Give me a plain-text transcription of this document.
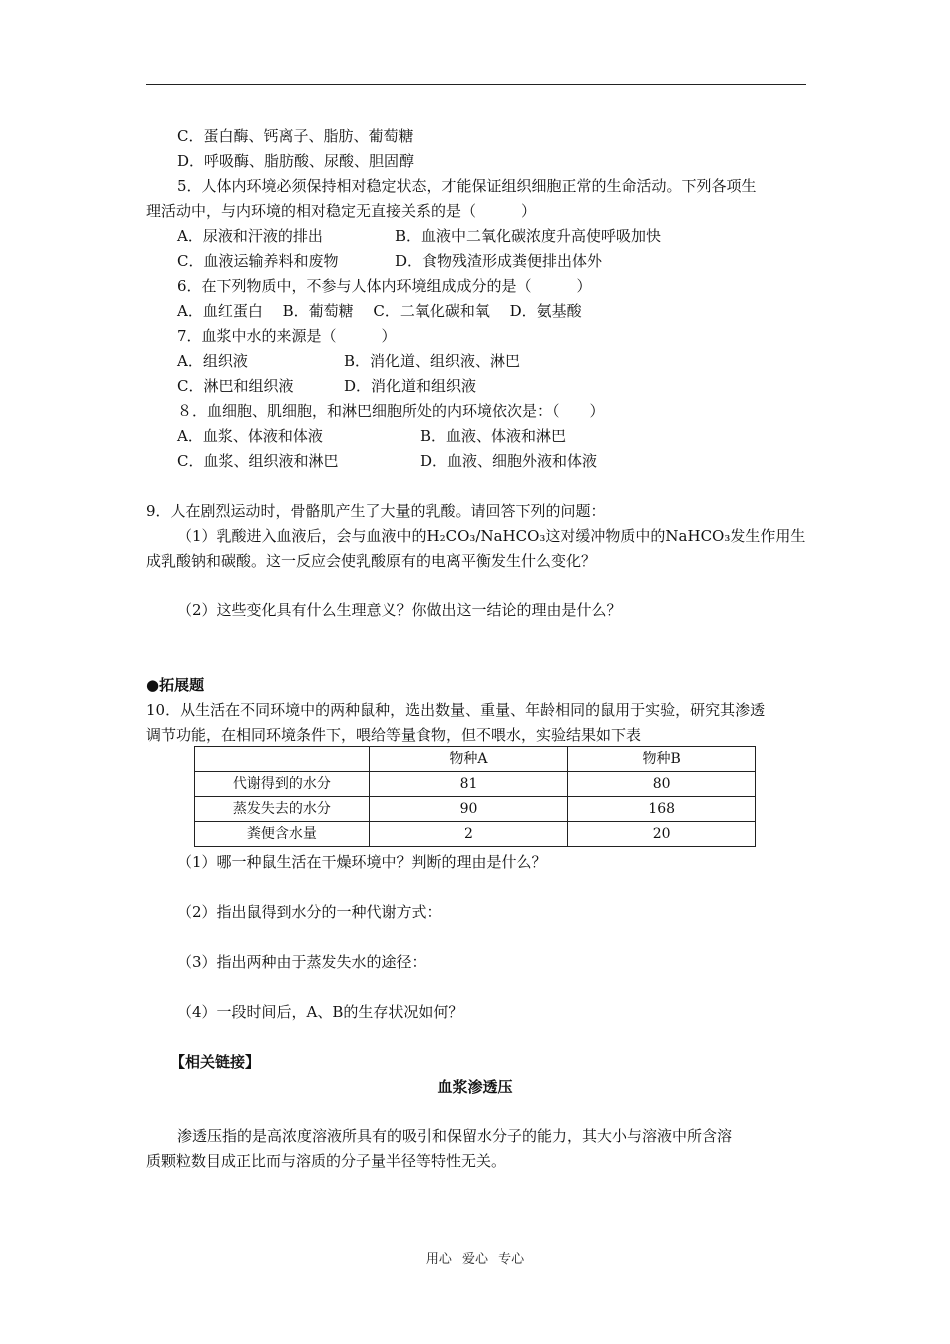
C．蛋白酶、钙离子、脂肪、葡萄糖
D．呼吸酶、脂肪酸、尿酸、胆固醇
5．人体内环境必须保持相对稳定状态，才能保证组织细胞正常的生命活动。下列各项生
理活动中，与内环境的相对稳定无直接关系的是（　　　）
A．尿液和汗液的排出	B．血液中二氧化碳浓度升高使呼吸加快
C．血液运输养料和废物	D．食物残渣形成粪便排出体外
6．在下列物质中，不参与人体内环境组成成分的是（　　　）
A．血红蛋白　 B．葡萄糖　 C．二氧化碳和氧　 D．氨基酸
7．血浆中水的来源是（　　　）
A．组织液	B．消化道、组织液、淋巴
C．淋巴和组织液	D．消化道和组织液
８．血细胞、肌细胞，和淋巴细胞所处的内环境依次是：（　　）
A．血浆、体液和体液	B．血液、体液和淋巴
C．血浆、组织液和淋巴	D．血液、细胞外液和体液
9．人在剧烈运动时，骨骼肌产生了大量的乳酸。请回答下列的问题：
（1）乳酸进入血液后，会与血液中的H₂CO₃/NaHCO₃这对缓冲物质中的NaHCO₃发生作用生
成乳酸钠和碳酸。这一反应会使乳酸原有的电离平衡发生什么变化？
（2）这些变化具有什么生理意义？你做出这一结论的理由是什么？
●拓展题
10．从生活在不同环境中的两种鼠种，选出数量、重量、年龄相同的鼠用于实验，研究其渗透
调节功能，在相同环境条件下，喂给等量食物，但不喂水，实验结果如下表
	物种A	物种B
代谢得到的水分	81	80
蒸发失去的水分	90	168
粪便含水量	2	20
（1）哪一种鼠生活在干燥环境中？判断的理由是什么？
（2）指出鼠得到水分的一种代谢方式：
（3）指出两种由于蒸发失水的途径：
（4）一段时间后，A、B的生存状况如何？
【相关链接】
血浆渗透压
渗透压指的是高浓度溶液所具有的吸引和保留水分子的能力，其大小与溶液中所含溶
质颗粒数目成正比而与溶质的分子量半径等特性无关。
用心 爱心 专心
